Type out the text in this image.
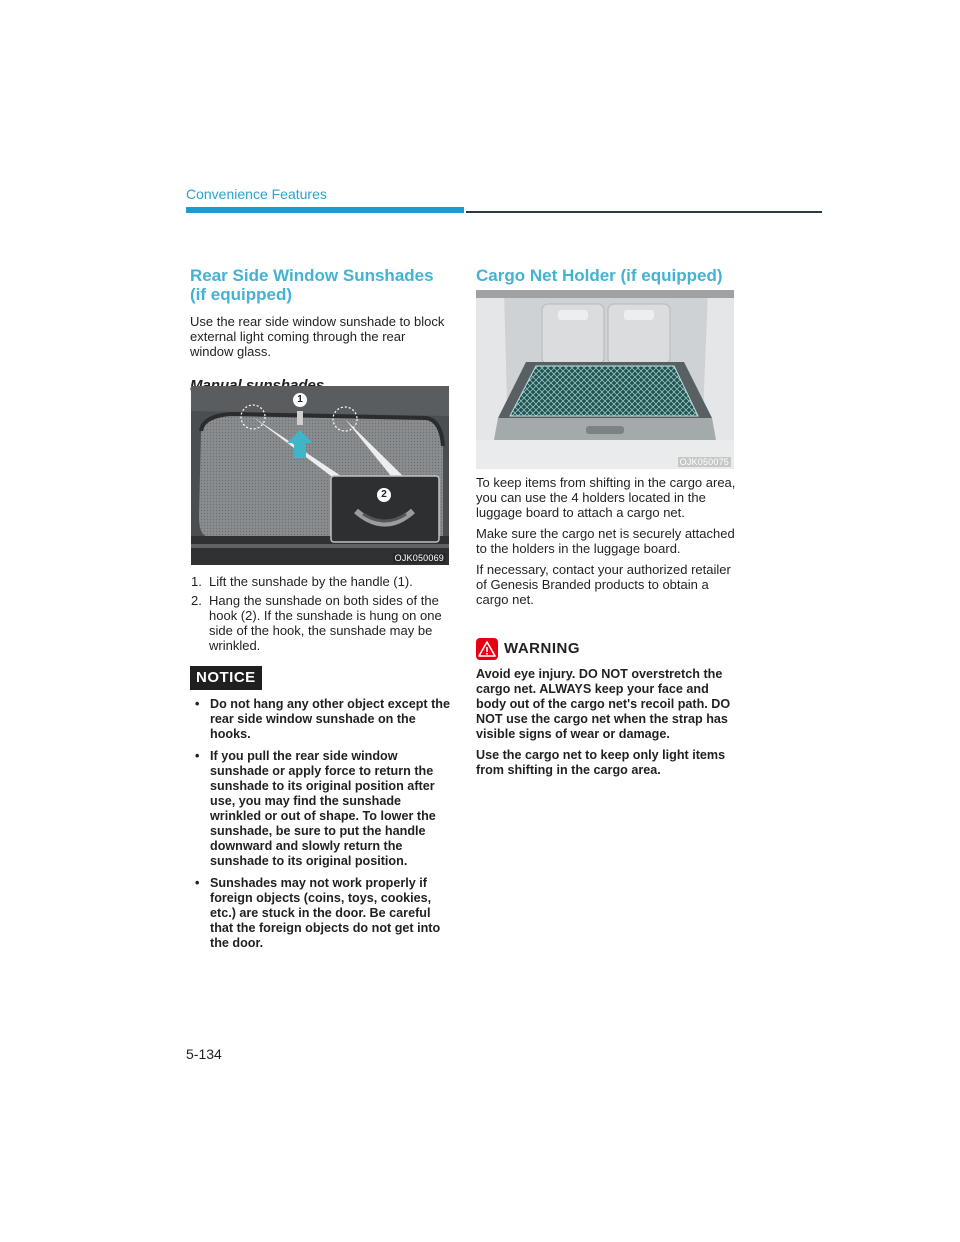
Convenience Features
Rear Side Window Sunshades (if equipped)

Use the rear side window sunshade to block external light coming through the rear window glass.

1
2
OJK050069
1. Lift the sunshade by the handle (1).
2. Hang the sunshade on both sides of the hook (2). If the sunshade is hung on one side of the hook, the sunshade may be wrinkled.
NOTICE
• Do not hang any other object except the rear side window sunshade on the hooks.
• If you pull the rear side window sunshade or apply force to return the sunshade to its original position after use, you may find the sunshade wrinkled or out of shape. To lower the sunshade, be sure to put the handle downward and slowly return the sunshade to its original position.
• Sunshades may not work properly if foreign objects (coins, toys, cookies, etc.) are stuck in the door. Be careful that the foreign objects do not get into the door.
Cargo Net Holder (if equipped)
OJK050075

To keep items from shifting in the cargo area, you can use the 4 holders located in the luggage board to attach a cargo net.

Make sure the cargo net is securely attached to the holders in the luggage board.

If necessary, contact your authorized retailer of Genesis Branded products to obtain a cargo net.

WARNING

Avoid eye injury. DO NOT overstretch the cargo net. ALWAYS keep your face and body out of the cargo net's recoil path. DO NOT use the cargo net when the strap has visible signs of wear or damage.

Use the cargo net to keep only light items from shifting in the cargo area.

5-134
